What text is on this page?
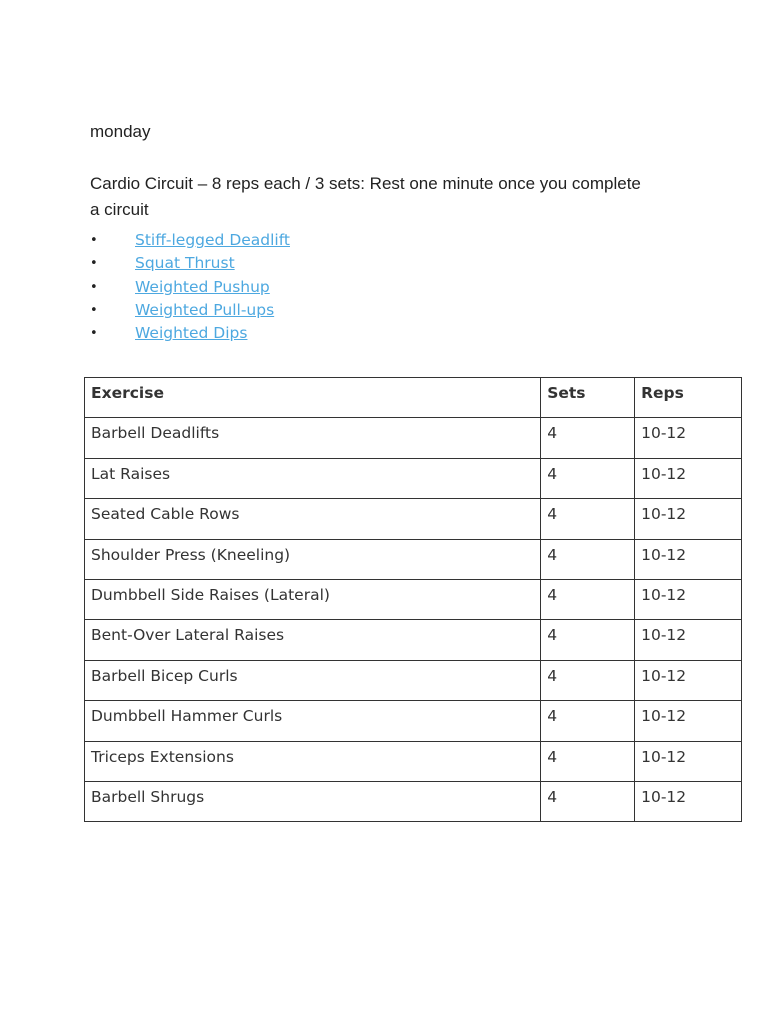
monday

Cardio Circuit – 8 reps each / 3 sets: Rest one minute once you complete a circuit

•
Stiff-legged Deadlift
•
Squat Thrust
•
Weighted Pushup
•
Weighted Pull-ups
•
Weighted Dips
Exercise	Sets	Reps
Barbell Deadlifts	4	10-12
Lat Raises	4	10-12
Seated Cable Rows	4	10-12
Shoulder Press (Kneeling)	4	10-12
Dumbbell Side Raises (Lateral)	4	10-12
Bent-Over Lateral Raises	4	10-12
Barbell Bicep Curls	4	10-12
Dumbbell Hammer Curls	4	10-12
Triceps Extensions	4	10-12
Barbell Shrugs	4	10-12
